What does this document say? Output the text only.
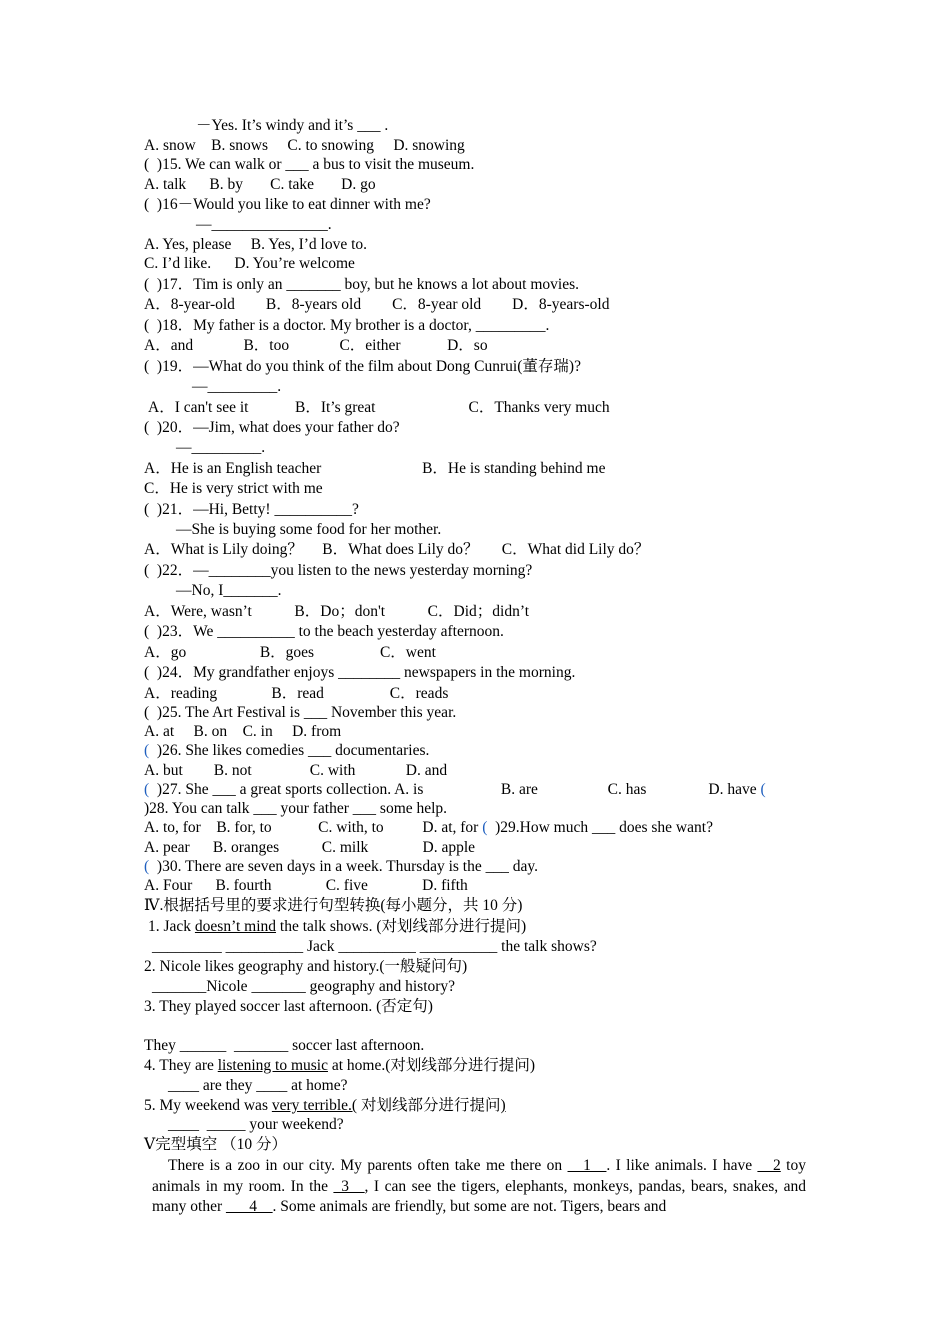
－Yes. It’s windy and it’s ___ .
A. snow    B. snows     C. to snowing     D. snowing
(  )15. We can walk or ___ a bus to visit the museum.
A. talk      B. by       C. take       D. go
(  )16－Would you like to eat dinner with me?
—_______________.
A. Yes, please     B. Yes, I’d love to.
C. I’d like.      D. You’re welcome
(  )17．Tim is only an _______ boy, but he knows a lot about movies.
A．8-year-old        B．8-years old        C．8-year old        D．8-years-old
(  )18．My father is a doctor. My brother is a doctor, _________.
A．and             B．too             C．either            D．so
(  )19．—What do you think of the film about Dong Cunrui(董存瑞)?
—_________.
A．I can't see it            B．It’s great                        C．Thanks very much
(  )20．—Jim, what does your father do?
—_________.
A．He is an English teacher                          B．He is standing behind me
C．He is very strict with me
(  )21．—Hi, Betty! __________?
—She is buying some food for her mother.
A．What is Lily doing？     B．What does Lily do？      C．What did Lily do？
(  )22．—________you listen to the news yesterday morning?
—No, I_______.
A．Were, wasn’t           B．Do；don't           C．Did；didn’t
(  )23．We __________ to the beach yesterday afternoon.
A．go                   B．goes                 C．went
(  )24．My grandfather enjoys ________ newspapers in the morning.
A．reading              B．read                 C．reads
(  )25. The Art Festival is ___ November this year.
A. at     B. on    C. in     D. from
(  )26. She likes comedies ___ documentaries.
A. but        B. not               C. with             D. and
(  )27. She ___ a great sports collection. A. is                    B. are                  C. has                D. have (
)28. You can talk ___ your father ___ some help.
A. to, for    B. for, to            C. with, to          D. at, for (  )29.How much ___ does she want?
A. pear      B. oranges           C. milk              D. apple
(  )30. There are seven days in a week. Thursday is the ___ day.
A. Four      B. fourth              C. five              D. fifth
Ⅳ.根据括号里的要求进行句型转换(每小题分，共 10 分)
1. Jack doesn’t mind the talk shows. (对划线部分进行提问)
_________ __________ Jack __________ __________ the talk shows?
2. Nicole likes geography and history.(一般疑问句)
_______Nicole _______ geography and history?
3. They played soccer last afternoon. (否定句)
They ______  _______ soccer last afternoon.
4. They are listening to music at home.(对划线部分进行提问)
____ are they ____ at home?
5. My weekend was very terrible.( 对划线部分进行提问)
____  _____ your weekend?
Ⅴ完型填空 （10 分）
There is a zoo in our city. My parents often take me there on __1__. I like animals. I have __2 toy animals in my room. In the _3__, I can see the tigers, elephants, monkeys, pandas, bears, snakes, and many other ___4__. Some animals are friendly, but some are not. Tigers, bears and
